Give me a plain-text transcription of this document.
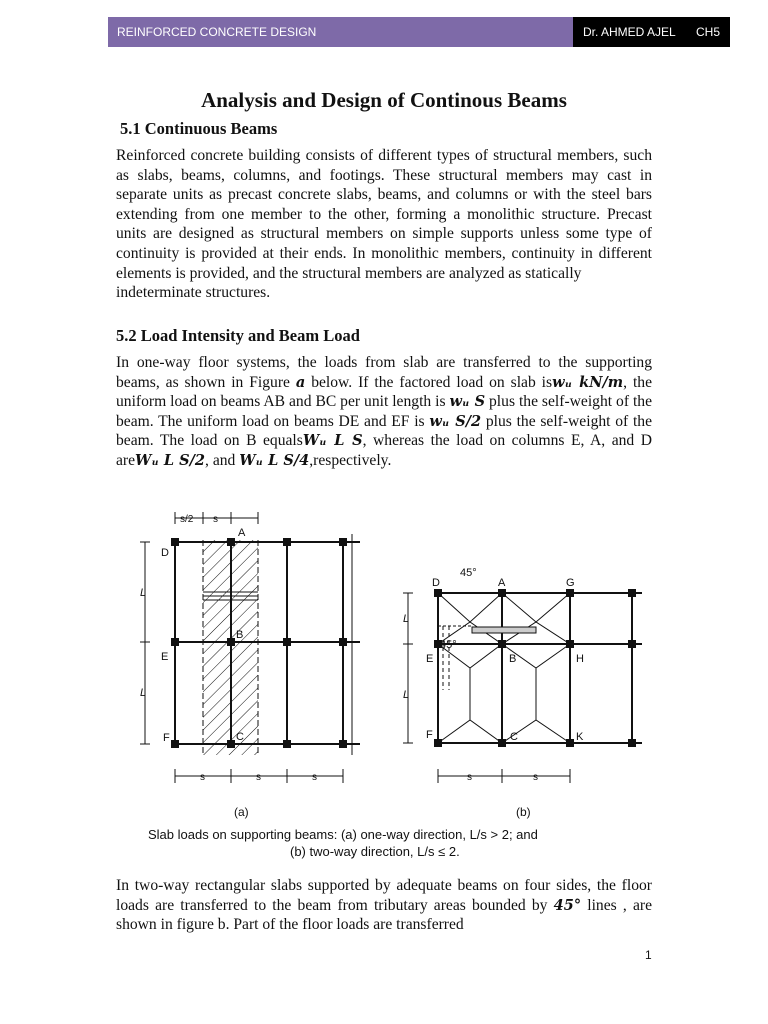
REINFORCED CONCRETE DESIGN	Dr. AHMED AJEL CH5
Analysis and Design of Continous Beams
5.1 Continuous Beams

Reinforced concrete building consists of different types of structural members, such as slabs, beams, columns, and footings. These structural members may cast in separate units as precast concrete slabs, beams, and columns or with the steel bars extending from one member to the other, forming a monolithic structure. Precast units are designed as structural members on simple supports unless some type of continuity is provided at their ends. In monolithic members, continuity in different elements is provided, and the structural members are analyzed as statically
indeterminate structures.

5.2 Load Intensity and Beam Load

In one-way floor systems, the loads from slab are transferred to the supporting beams, as shown in Figure a below. If the factored load on slab iswᵤ kN/m, the uniform load on beams AB and BC per unit length is wᵤ S plus the self-weight of the beam. The uniform load on beams DE and EF is wᵤ S/2 plus the self-weight of the beam. The load on B equalsWᵤ L S, whereas the load on columns E, A, and D areWᵤ L S/2, and Wᵤ L S/4,respectively.

s/2 s
L
L
D
A
E
B
F	C
s	s	s
(a)
45°
45°
D	A	G
E	B	H
F	C	K
L
L
s	s
(b)
Slab loads on supporting beams: (a) one-way direction, L/s > 2; and
(b) two-way direction, L/s ≤ 2.

In two-way rectangular slabs supported by adequate beams on four sides, the floor loads are transferred to the beam from tributary areas bounded by 45° lines , are shown in figure b. Part of the floor loads are transferred

1
